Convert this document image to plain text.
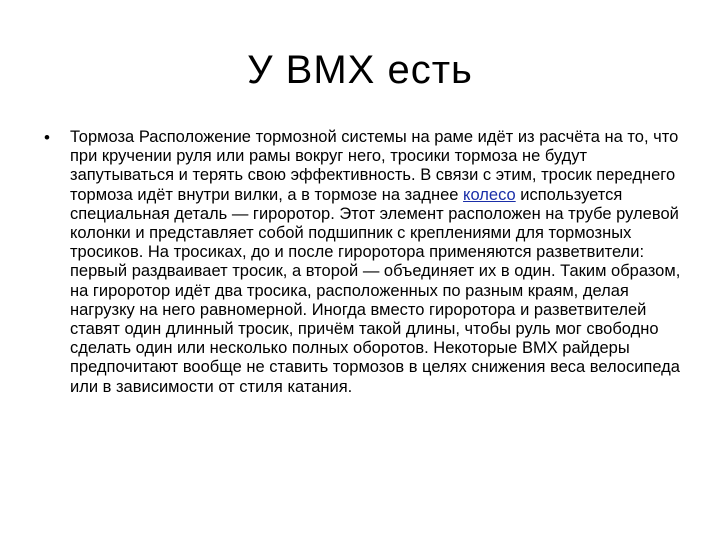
У ВМХ есть
•	Тормоза Расположение тормозной системы на раме идёт из расчёта на то, что при кручении руля или рамы вокруг него, тросики тормоза не будут запутываться и терять свою эффективность. В связи с этим, тросик переднего тормоза идёт внутри вилки, а в тормозе на заднее колесо используется специальная деталь — гироротор. Этот элемент расположен на трубе рулевой колонки и представляет собой подшипник с креплениями для тормозных тросиков. На тросиках, до и после гироротора применяются разветвители: первый раздваивает тросик, а второй — объединяет их в один. Таким образом, на гироротор идёт два тросика, расположенных по разным краям, делая нагрузку на него равномерной. Иногда вместо гироротора и разветвителей ставят один длинный тросик, причём такой длины, чтобы руль мог свободно сделать один или несколько полных оборотов. Некоторые ВМХ райдеры предпочитают вообще не ставить тормозов в целях снижения веса велосипеда или в зависимости от стиля катания.
